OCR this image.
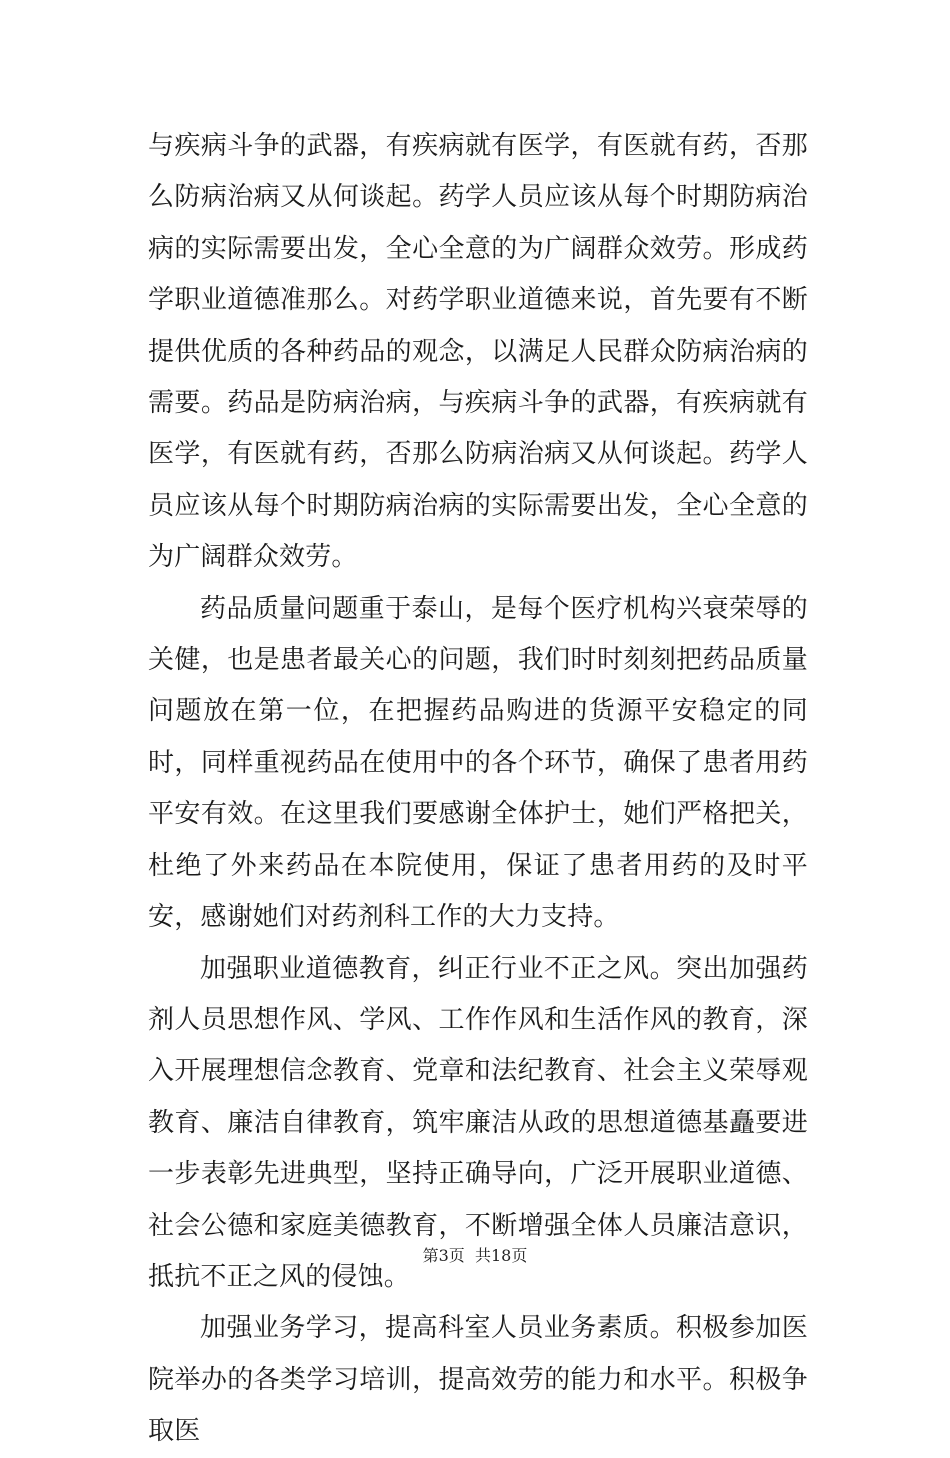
与疾病斗争的武器，有疾病就有医学，有医就有药，否那么防病治病又从何谈起。药学人员应该从每个时期防病治病的实际需要出发，全心全意的为广阔群众效劳。形成药学职业道德准那么。对药学职业道德来说，首先要有不断提供优质的各种药品的观念，以满足人民群众防病治病的需要。药品是防病治病，与疾病斗争的武器，有疾病就有医学，有医就有药，否那么防病治病又从何谈起。药学人员应该从每个时期防病治病的实际需要出发，全心全意的为广阔群众效劳。

药品质量问题重于泰山，是每个医疗机构兴衰荣辱的关健，也是患者最关心的问题，我们时时刻刻把药品质量问题放在第一位，在把握药品购进的货源平安稳定的同时，同样重视药品在使用中的各个环节，确保了患者用药平安有效。在这里我们要感谢全体护士，她们严格把关，杜绝了外来药品在本院使用，保证了患者用药的及时平安，感谢她们对药剂科工作的大力支持。

加强职业道德教育，纠正行业不正之风。突出加强药剂人员思想作风、学风、工作作风和生活作风的教育，深入开展理想信念教育、党章和法纪教育、社会主义荣辱观教育、廉洁自律教育，筑牢廉洁从政的思想道德基矗要进一步表彰先进典型，坚持正确导向，广泛开展职业道德、社会公德和家庭美德教育，不断增强全体人员廉洁意识，抵抗不正之风的侵蚀。

加强业务学习，提高科室人员业务素质。积极参加医院举办的各类学习培训，提高效劳的能力和水平。积极争取医

第3页 共18页
